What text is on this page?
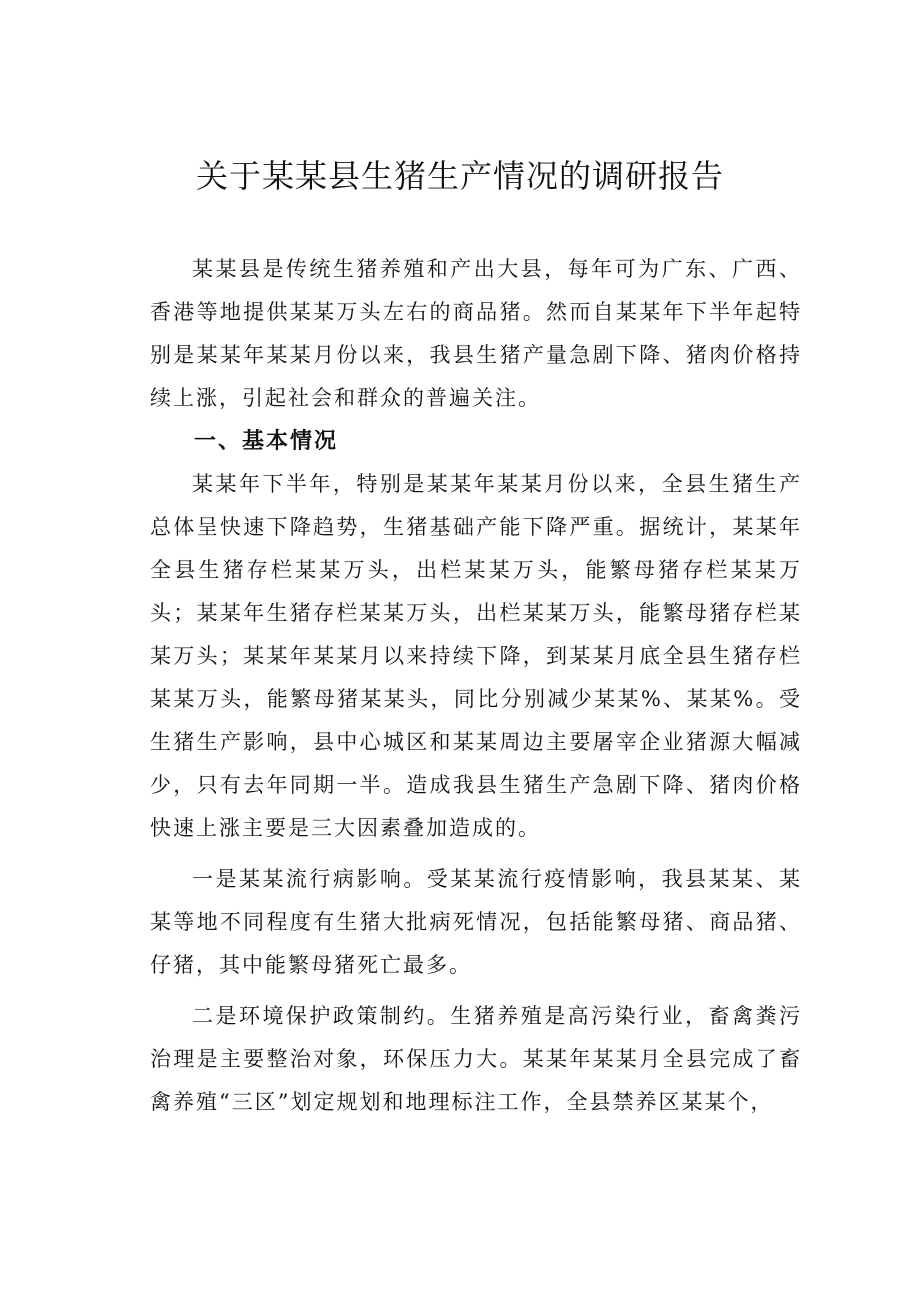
关于某某县生猪生产情况的调研报告

某某县是传统生猪养殖和产出大县，每年可为广东、广西、香港等地提供某某万头左右的商品猪。然而自某某年下半年起特别是某某年某某月份以来，我县生猪产量急剧下降、猪肉价格持续上涨，引起社会和群众的普遍关注。

一、基本情况

某某年下半年，特别是某某年某某月份以来，全县生猪生产总体呈快速下降趋势，生猪基础产能下降严重。据统计，某某年全县生猪存栏某某万头，出栏某某万头，能繁母猪存栏某某万头；某某年生猪存栏某某万头，出栏某某万头，能繁母猪存栏某某万头；某某年某某月以来持续下降，到某某月底全县生猪存栏某某万头，能繁母猪某某头，同比分别减少某某%、某某%。受生猪生产影响，县中心城区和某某周边主要屠宰企业猪源大幅减少，只有去年同期一半。造成我县生猪生产急剧下降、猪肉价格快速上涨主要是三大因素叠加造成的。

一是某某流行病影响。受某某流行疫情影响，我县某某、某某等地不同程度有生猪大批病死情况，包括能繁母猪、商品猪、仔猪，其中能繁母猪死亡最多。

二是环境保护政策制约。生猪养殖是高污染行业，畜禽粪污治理是主要整治对象，环保压力大。某某年某某月全县完成了畜禽养殖“三区”划定规划和地理标注工作，全县禁养区某某个，
